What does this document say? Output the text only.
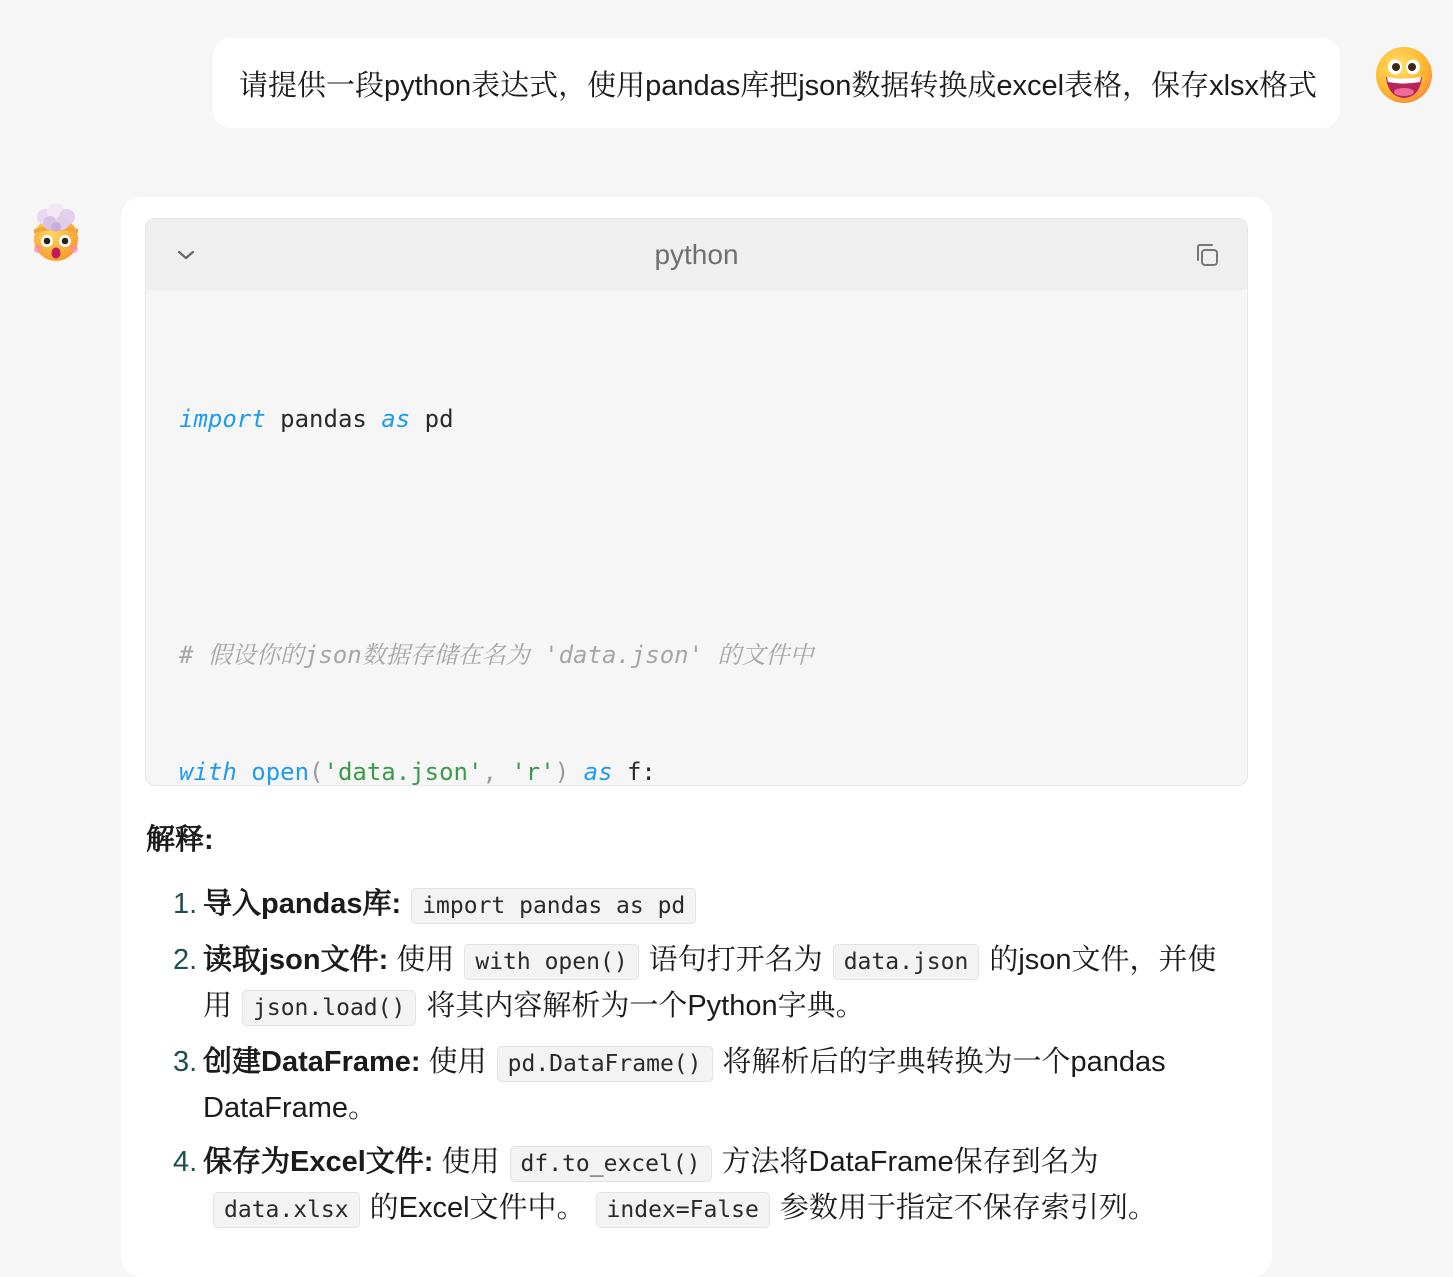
请提供一段python表达式，使用pandas库把json数据转换成excel表格，保存xlsx格式
python

import pandas as pd

# 假设你的json数据存储在名为 'data.json' 的文件中

with open('data.json', 'r') as f:

解释:
1. 导入pandas库: import pandas as pd
2. 读取json文件: 使用 with open() 语句打开名为 data.json 的json文件，并使用 json.load() 将其内容解析为一个Python字典。
3. 创建DataFrame: 使用 pd.DataFrame() 将解析后的字典转换为一个pandas DataFrame。
4. 保存为Excel文件: 使用 df.to_excel() 方法将DataFrame保存到名为data.xlsx 的Excel文件中。 index=False 参数用于指定不保存索引列。
